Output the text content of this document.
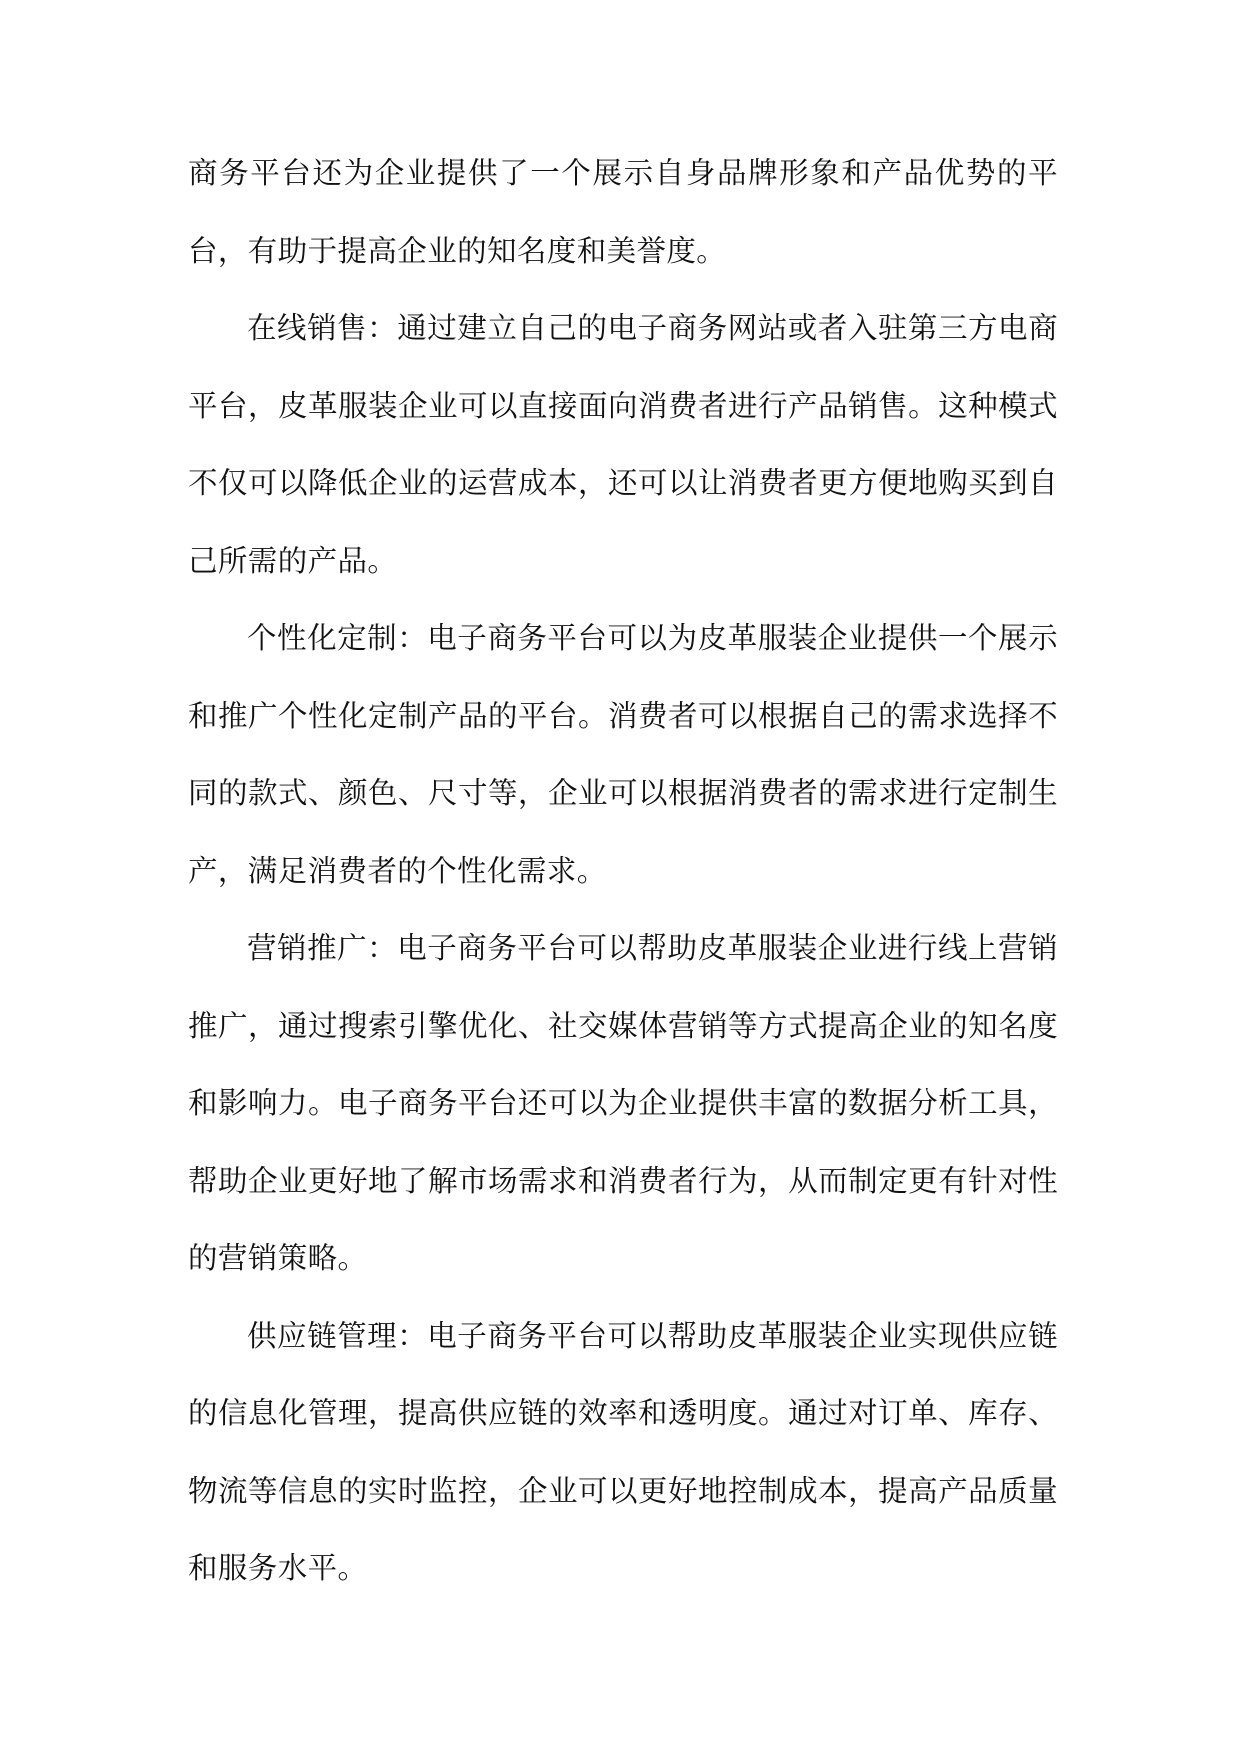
商务平台还为企业提供了一个展示自身品牌形象和产品优势的平台，有助于提高企业的知名度和美誉度。

在线销售：通过建立自己的电子商务网站或者入驻第三方电商平台，皮革服装企业可以直接面向消费者进行产品销售。这种模式不仅可以降低企业的运营成本，还可以让消费者更方便地购买到自己所需的产品。

个性化定制：电子商务平台可以为皮革服装企业提供一个展示和推广个性化定制产品的平台。消费者可以根据自己的需求选择不同的款式、颜色、尺寸等，企业可以根据消费者的需求进行定制生产，满足消费者的个性化需求。

营销推广：电子商务平台可以帮助皮革服装企业进行线上营销推广，通过搜索引擎优化、社交媒体营销等方式提高企业的知名度和影响力。电子商务平台还可以为企业提供丰富的数据分析工具，帮助企业更好地了解市场需求和消费者行为，从而制定更有针对性的营销策略。

供应链管理：电子商务平台可以帮助皮革服装企业实现供应链的信息化管理，提高供应链的效率和透明度。通过对订单、库存、物流等信息的实时监控，企业可以更好地控制成本，提高产品质量和服务水平。
